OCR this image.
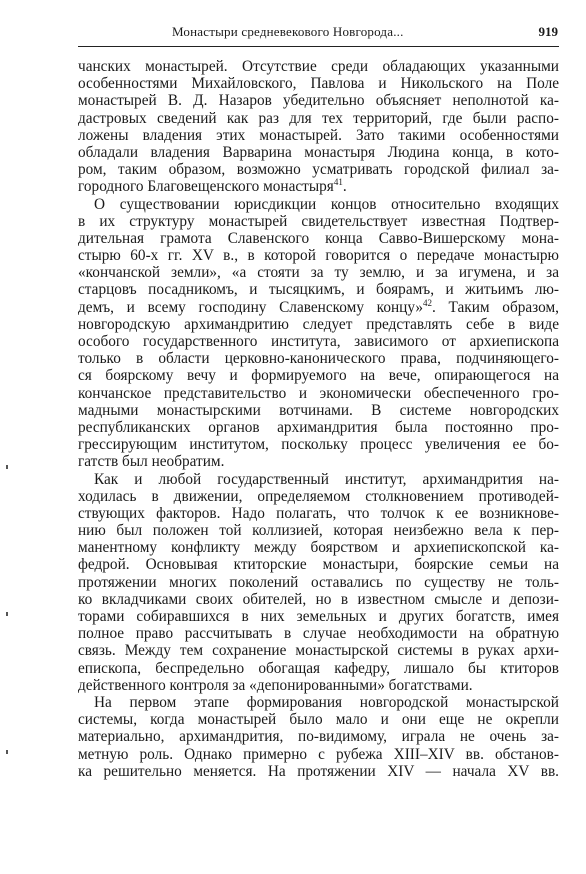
Монастыри средневекового Новгорода...	919
чанских монастырей. Отсутствие среди обладающих указанными
особенностями Михайловского, Павлова и Никольского на Поле
монастырей В. Д. Назаров убедительно объясняет неполнотой ка-
дастровых сведений как раз для тех территорий, где были распо-
ложены владения этих монастырей. Зато такими особенностями
обладали владения Варварина монастыря Людина конца, в кото-
ром, таким образом, возможно усматривать городской филиал за-
городного Благовещенского монастыря$^{41}$.
О существовании юрисдикции концов относительно входящих
в их структуру монастырей свидетельствует известная Подтвер-
дительная грамота Славенского конца Савво-Вишерскому мона-
стырю 60-х гг. XV в., в которой говорится о передаче монастырю
«кончанской земли», «а стояти за ту землю, и за игумена, и за
старцовъ посадникомъ, и тысяцкимъ, и боярамъ, и житьимъ лю-
демъ, и всему господину Славенскому концу»$^{42}$. Таким образом,
новгородскую архимандритию следует представлять себе в виде
особого государственного института, зависимого от архиепископа
только в области церковно-канонического права, подчиняющего-
ся боярскому вечу и формируемого на вече, опирающегося на
кончанское представительство и экономически обеспеченного гро-
мадными монастырскими вотчинами. В системе новгородских
республиканских органов архимандрития была постоянно про-
грессирующим институтом, поскольку процесс увеличения ее бо-
гатств был необратим.
Как и любой государственный институт, архимандрития на-
ходилась в движении, определяемом столкновением противодей-
ствующих факторов. Надо полагать, что толчок к ее возникнове-
нию был положен той коллизией, которая неизбежно вела к пер-
манентному конфликту между боярством и архиепископской ка-
федрой. Основывая ктиторские монастыри, боярские семьи на
протяжении многих поколений оставались по существу не толь-
ко вкладчиками своих обителей, но в известном смысле и депози-
торами собиравшихся в них земельных и других богатств, имея
полное право рассчитывать в случае необходимости на обратную
связь. Между тем сохранение монастырской системы в руках архи-
епископа, беспредельно обогащая кафедру, лишало бы ктиторов
действенного контроля за «депонированными» богатствами.
На первом этапе формирования новгородской монастырской
системы, когда монастырей было мало и они еще не окрепли
материально, архимандрития, по-видимому, играла не очень за-
метную роль. Однако примерно с рубежа XIII–XIV вв. обстанов-
ка решительно меняется. На протяжении XIV — начала XV вв.
